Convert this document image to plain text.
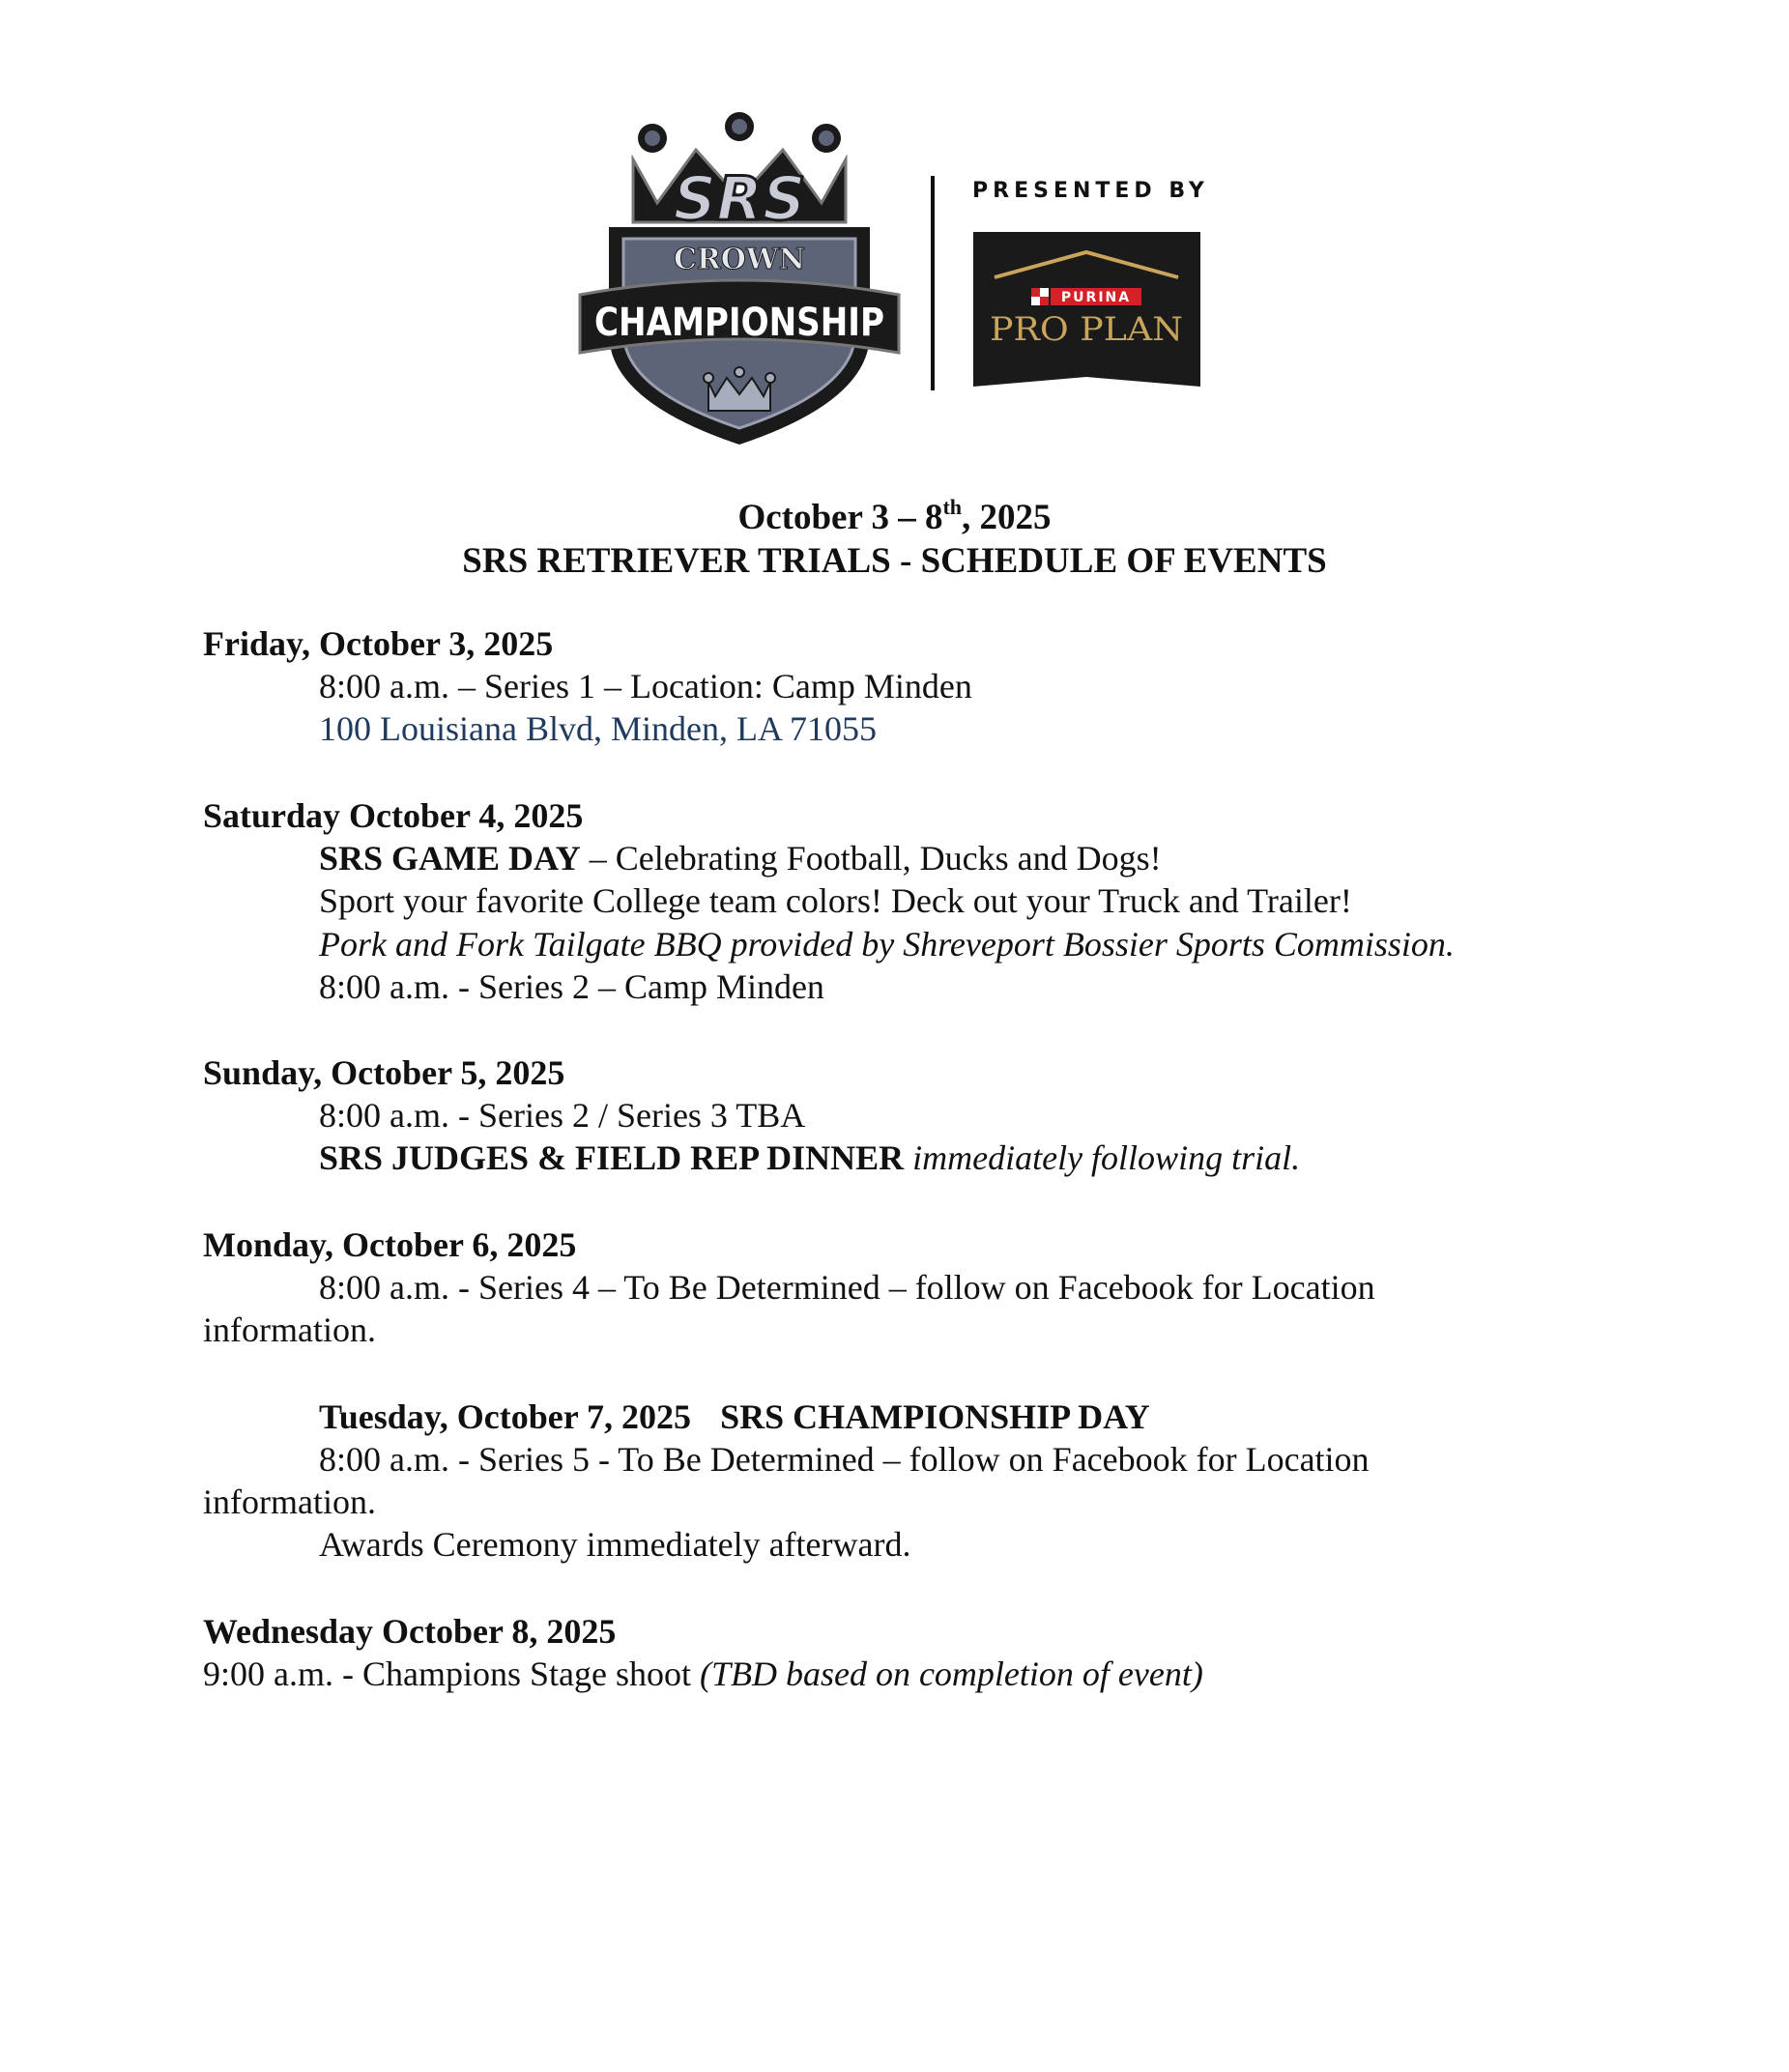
SRS
CROWN
CHAMPIONSHIP
PRESENTED BY
PURINA
PRO PLAN
October 3 – 8th, 2025
SRS RETRIEVER TRIALS - SCHEDULE OF EVENTS
Friday, October 3, 2025
8:00 a.m. – Series 1 – Location: Camp Minden
100 Louisiana Blvd, Minden, LA 71055
Saturday October 4, 2025
SRS GAME DAY – Celebrating Football, Ducks and Dogs!
Sport your favorite College team colors! Deck out your Truck and Trailer!
Pork and Fork Tailgate BBQ provided by Shreveport Bossier Sports Commission.
8:00 a.m. - Series 2 – Camp Minden
Sunday, October 5, 2025
8:00 a.m. - Series 2 / Series 3 TBA
SRS JUDGES & FIELD REP DINNER immediately following trial.
Monday, October 6, 2025
8:00 a.m. - Series 4 – To Be Determined – follow on Facebook for Location
information.
Tuesday, October 7, 2025 SRS CHAMPIONSHIP DAY
8:00 a.m. - Series 5 - To Be Determined – follow on Facebook for Location
information.
Awards Ceremony immediately afterward.
Wednesday October 8, 2025
9:00 a.m. - Champions Stage shoot (TBD based on completion of event)
